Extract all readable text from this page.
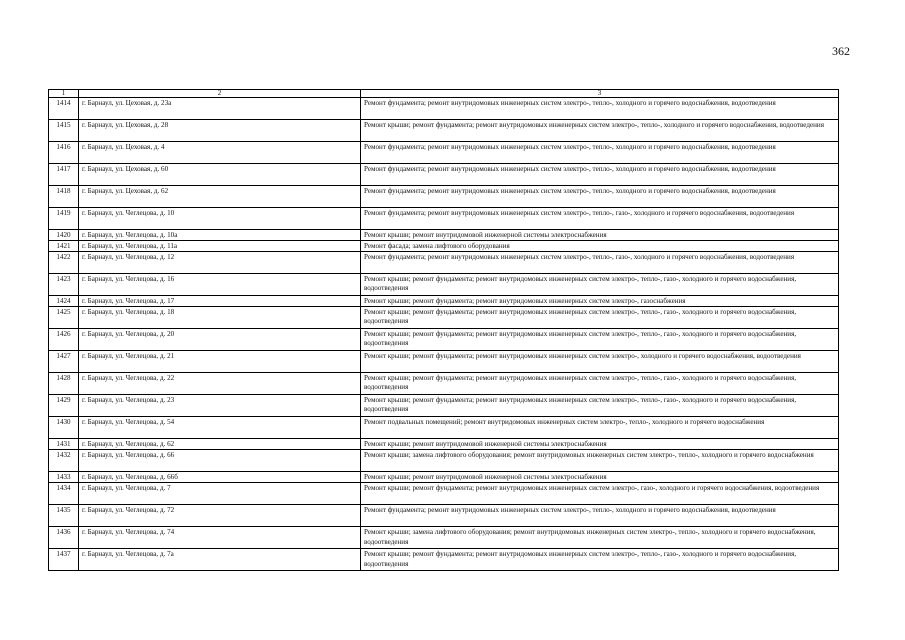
362
1	2	3
1414	г. Барнаул, ул. Цеховая, д. 23а	Ремонт фундамента; ремонт внутридомовых инженерных систем электро-, тепло-, холодного и горячего водоснабжения, водоотведения
1415	г. Барнаул, ул. Цеховая, д. 28	Ремонт крыши; ремонт фундамента; ремонт внутридомовых инженерных систем электро-, тепло-, холодного и горячего водоснабжения, водоотведения
1416	г. Барнаул, ул. Цеховая, д. 4	Ремонт фундамента; ремонт внутридомовых инженерных систем электро-, тепло-, холодного и горячего водоснабжения, водоотведения
1417	г. Барнаул, ул. Цеховая, д. 60	Ремонт фундамента; ремонт внутридомовых инженерных систем электро-, тепло-, холодного и горячего водоснабжения, водоотведения
1418	г. Барнаул, ул. Цеховая, д. 62	Ремонт фундамента; ремонт внутридомовых инженерных систем электро-, тепло-, холодного и горячего водоснабжения, водоотведения
1419	г. Барнаул, ул. Чеглецова, д. 10	Ремонт фундамента; ремонт внутридомовых инженерных систем электро-, тепло-, газо-, холодного и горячего водоснабжения, водоотведения
1420	г. Барнаул, ул. Чеглецова, д. 10а	Ремонт крыши; ремонт внутридомовой инженерной системы электроснабжения
1421	г. Барнаул, ул. Чеглецова, д. 11а	Ремонт фасада; замена лифтового оборудования
1422	г. Барнаул, ул. Чеглецова, д. 12	Ремонт фундамента; ремонт внутридомовых инженерных систем электро-, тепло-, газо-, холодного и горячего водоснабжения, водоотведения
1423	г. Барнаул, ул. Чеглецова, д. 16	Ремонт крыши; ремонт фундамента; ремонт внутридомовых инженерных систем электро-, тепло-, газо-, холодного и горячего водоснабжения, водоотведения
1424	г. Барнаул, ул. Чеглецова, д. 17	Ремонт крыши; ремонт фундамента; ремонт внутридомовых инженерных систем электро-, газоснабжения
1425	г. Барнаул, ул. Чеглецова, д. 18	Ремонт крыши; ремонт фундамента; ремонт внутридомовых инженерных систем электро-, тепло-, газо-, холодного и горячего водоснабжения, водоотведения
1426	г. Барнаул, ул. Чеглецова, д. 20	Ремонт крыши; ремонт фундамента; ремонт внутридомовых инженерных систем электро-, тепло-, газо-, холодного и горячего водоснабжения, водоотведения
1427	г. Барнаул, ул. Чеглецова, д. 21	Ремонт крыши; ремонт фундамента; ремонт внутридомовых инженерных систем электро-, холодного и горячего водоснабжения, водоотведения
1428	г. Барнаул, ул. Чеглецова, д. 22	Ремонт крыши; ремонт фундамента; ремонт внутридомовых инженерных систем электро-, тепло-, газо-, холодного и горячего водоснабжения, водоотведения
1429	г. Барнаул, ул. Чеглецова, д. 23	Ремонт крыши; ремонт фундамента; ремонт внутридомовых инженерных систем электро-, тепло-, газо-, холодного и горячего водоснабжения, водоотведения
1430	г. Барнаул, ул. Чеглецова, д. 54	Ремонт подвальных помещений; ремонт внутридомовых инженерных систем электро-, тепло-, холодного и горячего водоснабжения
1431	г. Барнаул, ул. Чеглецова, д. 62	Ремонт крыши; ремонт внутридомовой инженерной системы электроснабжения
1432	г. Барнаул, ул. Чеглецова, д. 66	Ремонт крыши; замена лифтового оборудования; ремонт внутридомовых инженерных систем электро-, тепло-, холодного и горячего водоснабжения
1433	г. Барнаул, ул. Чеглецова, д. 66б	Ремонт крыши; ремонт внутридомовой инженерной системы электроснабжения
1434	г. Барнаул, ул. Чеглецова, д. 7	Ремонт крыши; ремонт фундамента; ремонт внутридомовых инженерных систем электро-, газо-, холодного и горячего водоснабжения, водоотведения
1435	г. Барнаул, ул. Чеглецова, д. 72	Ремонт фундамента; ремонт внутридомовых инженерных систем электро-, тепло-, холодного и горячего водоснабжения, водоотведения
1436	г. Барнаул, ул. Чеглецова, д. 74	Ремонт крыши; замена лифтового оборудования; ремонт внутридомовых инженерных систем электро-, тепло-, холодного и горячего водоснабжения, водоотведения
1437	г. Барнаул, ул. Чеглецова, д. 7а	Ремонт крыши; ремонт фундамента; ремонт внутридомовых инженерных систем электро-, тепло-, газо-, холодного и горячего водоснабжения, водоотведения
